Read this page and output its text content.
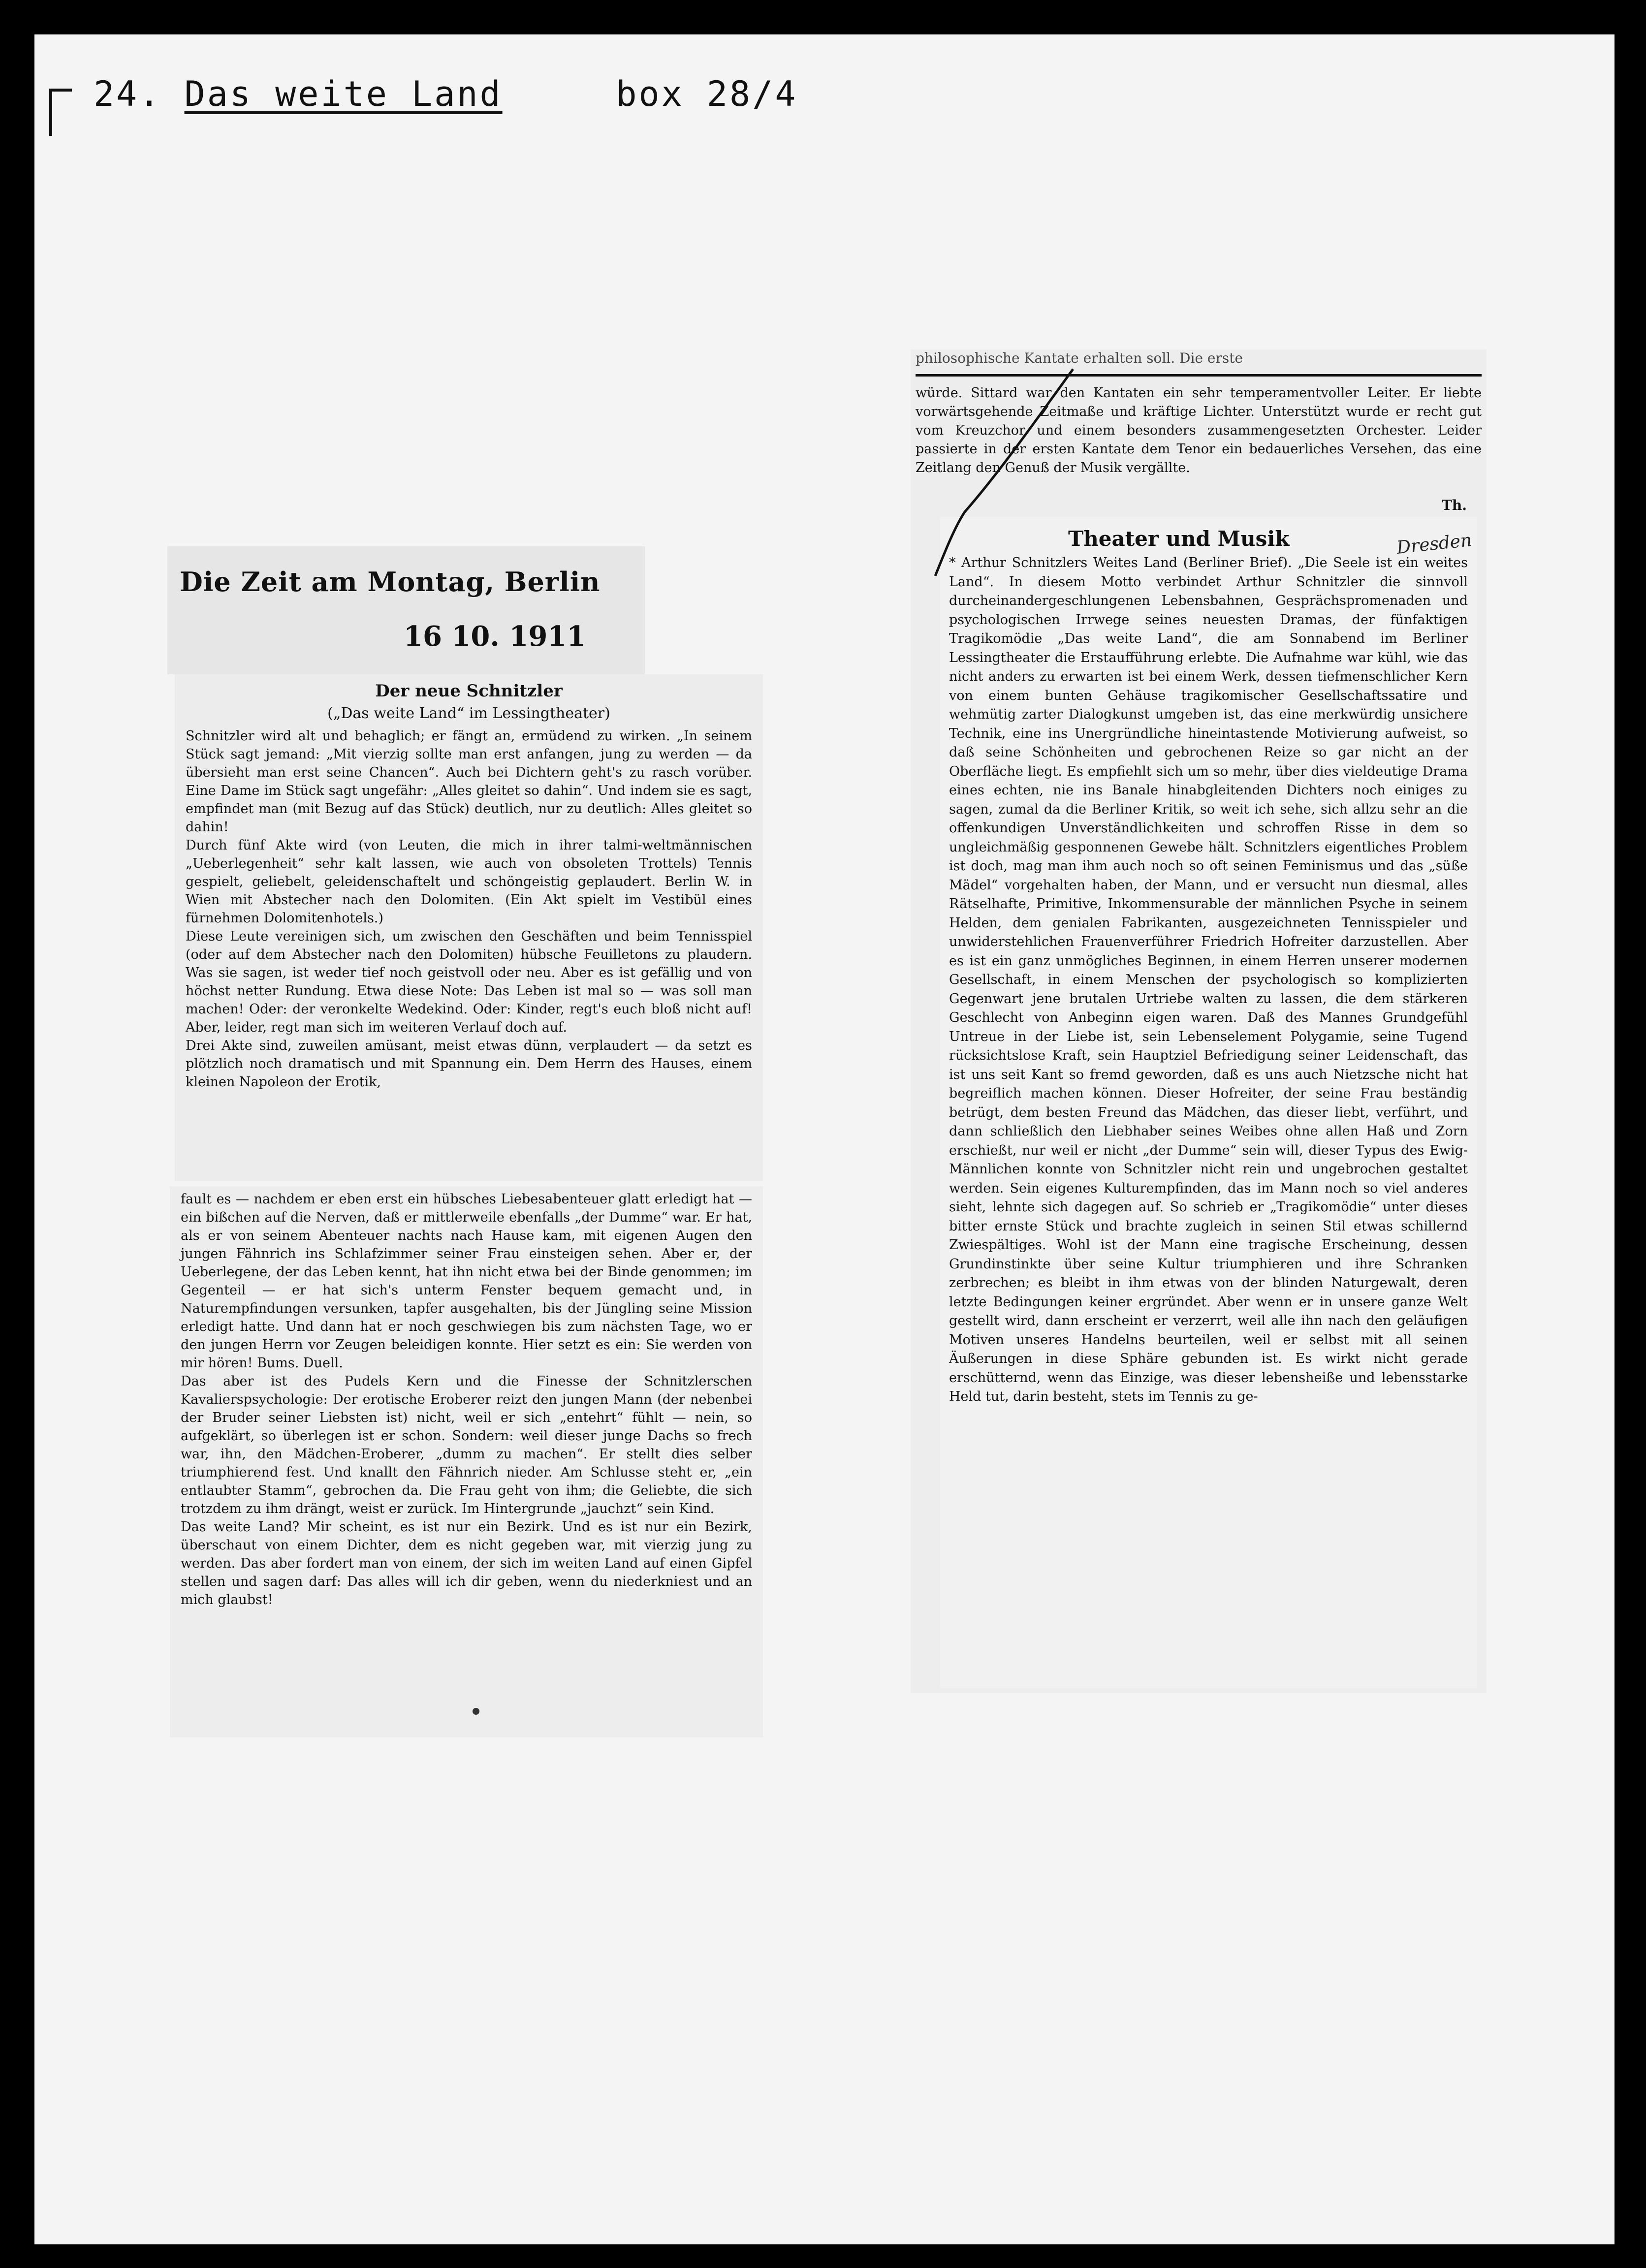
24. Das weite Land	box 28/4
Die Zeit am Montag, Berlin
16 10. 1911
Der neue Schnitzler
(„Das weite Land“ im Lessingtheater)
Schnitzler wird alt und behaglich; er fängt an, ermüdend zu wirken. „In seinem Stück sagt jemand: „Mit vierzig sollte man erst anfangen, jung zu werden — da übersieht man erst seine Chancen“. Auch bei Dichtern geht's zu rasch vorüber. Eine Dame im Stück sagt ungefähr: „Alles gleitet so dahin“. Und indem sie es sagt, empfindet man (mit Bezug auf das Stück) deutlich, nur zu deutlich: Alles gleitet so dahin!
Durch fünf Akte wird (von Leuten, die mich in ihrer talmi-weltmännischen „Ueberlegenheit“ sehr kalt lassen, wie auch von obsoleten Trottels) Tennis gespielt, geliebelt, geleidenschaftelt und schöngeistig geplaudert. Berlin W. in Wien mit Abstecher nach den Dolomiten. (Ein Akt spielt im Vestibül eines fürnehmen Dolomitenhotels.)
Diese Leute vereinigen sich, um zwischen den Geschäften und beim Tennisspiel (oder auf dem Abstecher nach den Dolomiten) hübsche Feuilletons zu plaudern. Was sie sagen, ist weder tief noch geistvoll oder neu. Aber es ist gefällig und von höchst netter Rundung. Etwa diese Note: Das Leben ist mal so — was soll man machen! Oder: der veronkelte Wedekind. Oder: Kinder, regt's euch bloß nicht auf! Aber, leider, regt man sich im weiteren Verlauf doch auf.
Drei Akte sind, zuweilen amüsant, meist etwas dünn, verplaudert — da setzt es plötzlich noch dramatisch und mit Spannung ein. Dem Herrn des Hauses, einem kleinen Napoleon der Erotik,
fault es — nachdem er eben erst ein hübsches Liebesabenteuer glatt erledigt hat — ein bißchen auf die Nerven, daß er mittlerweile ebenfalls „der Dumme“ war. Er hat, als er von seinem Abenteuer nachts nach Hause kam, mit eigenen Augen den jungen Fähnrich ins Schlafzimmer seiner Frau einsteigen sehen. Aber er, der Ueberlegene, der das Leben kennt, hat ihn nicht etwa bei der Binde genommen; im Gegenteil — er hat sich's unterm Fenster bequem gemacht und, in Naturempfindungen versunken, tapfer ausgehalten, bis der Jüngling seine Mission erledigt hatte. Und dann hat er noch geschwiegen bis zum nächsten Tage, wo er den jungen Herrn vor Zeugen beleidigen konnte. Hier setzt es ein: Sie werden von mir hören! Bums. Duell.
Das aber ist des Pudels Kern und die Finesse der Schnitzlerschen Kavalierspsychologie: Der erotische Eroberer reizt den jungen Mann (der nebenbei der Bruder seiner Liebsten ist) nicht, weil er sich „entehrt“ fühlt — nein, so aufgeklärt, so überlegen ist er schon. Sondern: weil dieser junge Dachs so frech war, ihn, den Mädchen-Eroberer, „dumm zu machen“. Er stellt dies selber triumphierend fest. Und knallt den Fähnrich nieder. Am Schlusse steht er, „ein entlaubter Stamm“, gebrochen da. Die Frau geht von ihm; die Geliebte, die sich trotzdem zu ihm drängt, weist er zurück. Im Hintergrunde „jauchzt“ sein Kind.
Das weite Land? Mir scheint, es ist nur ein Bezirk. Und es ist nur ein Bezirk, überschaut von einem Dichter, dem es nicht gegeben war, mit vierzig jung zu werden. Das aber fordert man von einem, der sich im weiten Land auf einen Gipfel stellen und sagen darf: Das alles will ich dir geben, wenn du niederkniest und an mich glaubst!
philosophische Kantate erhalten soll. Die erste
würde. Sittard war den Kantaten ein sehr temperamentvoller Leiter. Er liebte vorwärtsgehende Zeitmaße und kräftige Lichter. Unterstützt wurde er recht gut vom Kreuzchor und einem besonders zusammengesetzten Orchester. Leider passierte in der ersten Kantate dem Tenor ein bedauerliches Versehen, das eine Zeitlang den Genuß der Musik vergällte.
Th.
Theater und Musik	Dresden
* Arthur Schnitzlers Weites Land (Berliner Brief). „Die Seele ist ein weites Land“. In diesem Motto verbindet Arthur Schnitzler die sinnvoll durcheinandergeschlungenen Lebensbahnen, Gesprächspromenaden und psychologischen Irrwege seines neuesten Dramas, der fünfaktigen Tragikomödie „Das weite Land“, die am Sonnabend im Berliner Lessingtheater die Erstaufführung erlebte. Die Aufnahme war kühl, wie das nicht anders zu erwarten ist bei einem Werk, dessen tiefmenschlicher Kern von einem bunten Gehäuse tragikomischer Gesellschaftssatire und wehmütig zarter Dialogkunst umgeben ist, das eine merkwürdig unsichere Technik, eine ins Unergründliche hineintastende Motivierung aufweist, so daß seine Schönheiten und gebrochenen Reize so gar nicht an der Oberfläche liegt. Es empfiehlt sich um so mehr, über dies vieldeutige Drama eines echten, nie ins Banale hinabgleitenden Dichters noch einiges zu sagen, zumal da die Berliner Kritik, so weit ich sehe, sich allzu sehr an die offenkundigen Unverständlichkeiten und schroffen Risse in dem so ungleichmäßig gesponnenen Gewebe hält. Schnitzlers eigentliches Problem ist doch, mag man ihm auch noch so oft seinen Feminismus und das „süße Mädel“ vorgehalten haben, der Mann, und er versucht nun diesmal, alles Rätselhafte, Primitive, Inkommensurable der männlichen Psyche in seinem Helden, dem genialen Fabrikanten, ausgezeichneten Tennisspieler und unwiderstehlichen Frauenverführer Friedrich Hofreiter darzustellen. Aber es ist ein ganz unmögliches Beginnen, in einem Herren unserer modernen Gesellschaft, in einem Menschen der psychologisch so komplizierten Gegenwart jene brutalen Urtriebe walten zu lassen, die dem stärkeren Geschlecht von Anbeginn eigen waren. Daß des Mannes Grundgefühl Untreue in der Liebe ist, sein Lebenselement Polygamie, seine Tugend rücksichtslose Kraft, sein Hauptziel Befriedigung seiner Leidenschaft, das ist uns seit Kant so fremd geworden, daß es uns auch Nietzsche nicht hat begreiflich machen können. Dieser Hofreiter, der seine Frau beständig betrügt, dem besten Freund das Mädchen, das dieser liebt, verführt, und dann schließlich den Liebhaber seines Weibes ohne allen Haß und Zorn erschießt, nur weil er nicht „der Dumme“ sein will, dieser Typus des Ewig-Männlichen konnte von Schnitzler nicht rein und ungebrochen gestaltet werden. Sein eigenes Kulturempfinden, das im Mann noch so viel anderes sieht, lehnte sich dagegen auf. So schrieb er „Tragikomödie“ unter dieses bitter ernste Stück und brachte zugleich in seinen Stil etwas schillernd Zwiespältiges. Wohl ist der Mann eine tragische Erscheinung, dessen Grundinstinkte über seine Kultur triumphieren und ihre Schranken zerbrechen; es bleibt in ihm etwas von der blinden Naturgewalt, deren letzte Bedingungen keiner ergründet. Aber wenn er in unsere ganze Welt gestellt wird, dann erscheint er verzerrt, weil alle ihn nach den geläufigen Motiven unseres Handelns beurteilen, weil er selbst mit all seinen Äußerungen in diese Sphäre gebunden ist. Es wirkt nicht gerade erschütternd, wenn das Einzige, was dieser lebensheiße und lebensstarke Held tut, darin besteht, stets im Tennis zu ge-
